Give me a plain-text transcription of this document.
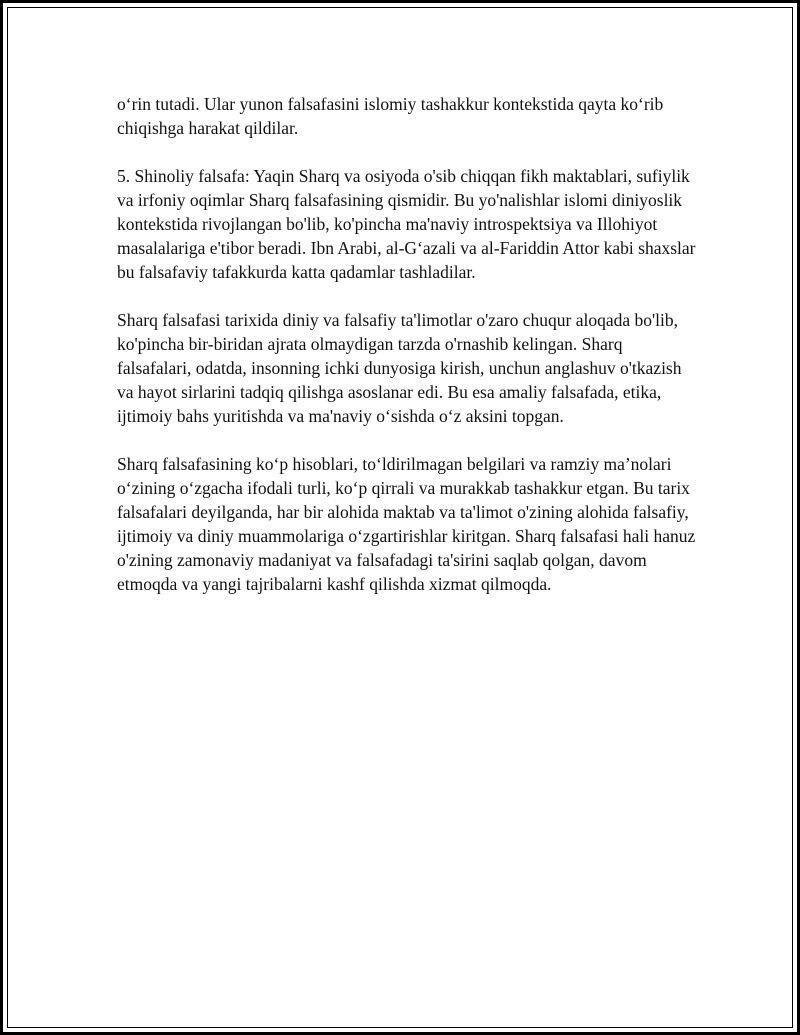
o‘rin tutadi. Ular yunon falsafasini islomiy tashakkur kontekstida qayta ko‘rib chiqishga harakat qildilar.

5. Shinoliy falsafa: Yaqin Sharq va osiyoda o'sib chiqqan fikh maktablari, sufiylik va irfoniy oqimlar Sharq falsafasining qismidir. Bu yo'nalishlar islomi diniyoslik kontekstida rivojlangan bo'lib, ko'pincha ma'naviy introspektsiya va Illohiyot masalalariga e'tibor beradi. Ibn Arabi, al-G‘azali va al-Fariddin Attor kabi shaxslar bu falsafaviy tafakkurda katta qadamlar tashladilar.

Sharq falsafasi tarixida diniy va falsafiy ta'limotlar o'zaro chuqur aloqada bo'lib, ko'pincha bir-biridan ajrata olmaydigan tarzda o'rnashib kelingan. Sharq falsafalari, odatda, insonning ichki dunyosiga kirish, unchun anglashuv o'tkazish va hayot sirlarini tadqiq qilishga asoslanar edi. Bu esa amaliy falsafada, etika, ijtimoiy bahs yuritishda va ma'naviy o‘sishda o‘z aksini topgan.

Sharq falsafasining ko‘p hisoblari, to‘ldirilmagan belgilari va ramziy ma’nolari o‘zining o‘zgacha ifodali turli, ko‘p qirrali va murakkab tashakkur etgan. Bu tarix falsafalari deyilganda, har bir alohida maktab va ta'limot o'zining alohida falsafiy, ijtimoiy va diniy muammolariga o‘zgartirishlar kiritgan. Sharq falsafasi hali hanuz o'zining zamonaviy madaniyat va falsafadagi ta'sirini saqlab qolgan, davom etmoqda va yangi tajribalarni kashf qilishda xizmat qilmoqda.
